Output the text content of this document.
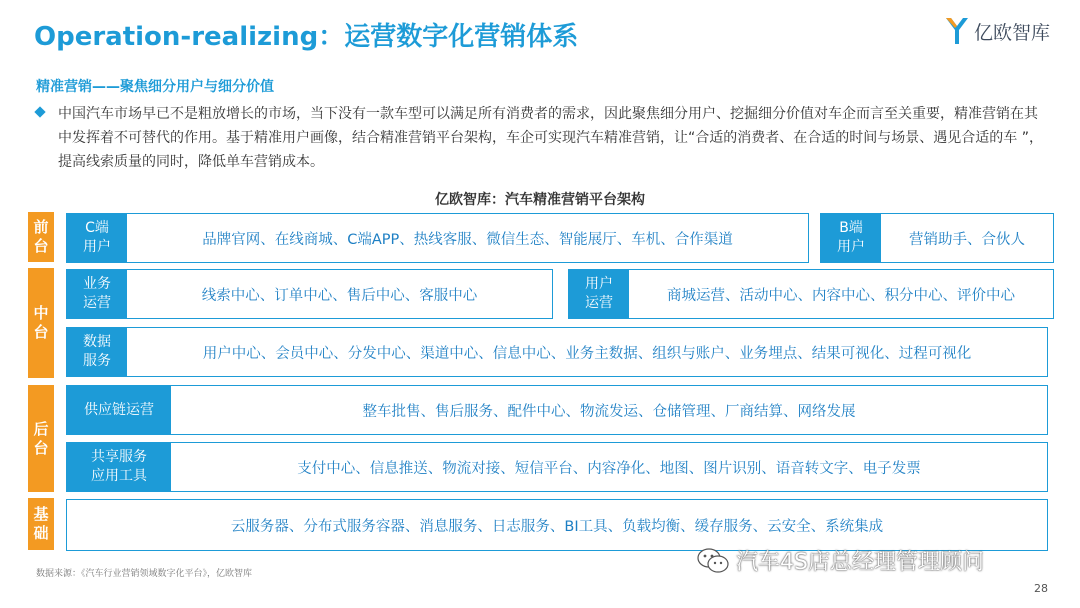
Operation-realizing：运营数字化营销体系	亿欧智库
精准营销——聚焦细分用户与细分价值
中国汽车市场早已不是粗放增长的市场，当下没有一款车型可以满足所有消费者的需求，因此聚焦细分用户、挖掘细分价值对车企而言至关重要，精准营销在其中发挥着不可替代的作用。基于精准用户画像，结合精准营销平台架构，车企可实现汽车精准营销，让“合适的消费者、在合适的时间与场景、遇见合适的车 ”，提高线索质量的同时，降低单车营销成本。
亿欧智库：汽车精准营销平台架构
前
台
中
台
后
台
基
础
C端
用户	品牌官网、在线商城、C端APP、热线客服、微信生态、智能展厅、车机、合作渠道
B端
用户	营销助手、合伙人
业务
运营	线索中心、订单中心、售后中心、客服中心
用户
运营	商城运营、活动中心、内容中心、积分中心、评价中心
数据
服务	用户中心、会员中心、分发中心、渠道中心、信息中心、业务主数据、组织与账户、业务埋点、结果可视化、过程可视化
供应链运营	整车批售、售后服务、配件中心、物流发运、仓储管理、厂商结算、网络发展
共享服务
应用工具	支付中心、信息推送、物流对接、短信平台、内容净化、地图、图片识别、语音转文字、电子发票
云服务器、分布式服务容器、消息服务、日志服务、BI工具、负载均衡、缓存服务、云安全、系统集成
数据来源：《汽车行业营销领域数字化平台》，亿欧智库	汽车4S店总经理管理顾问
28
